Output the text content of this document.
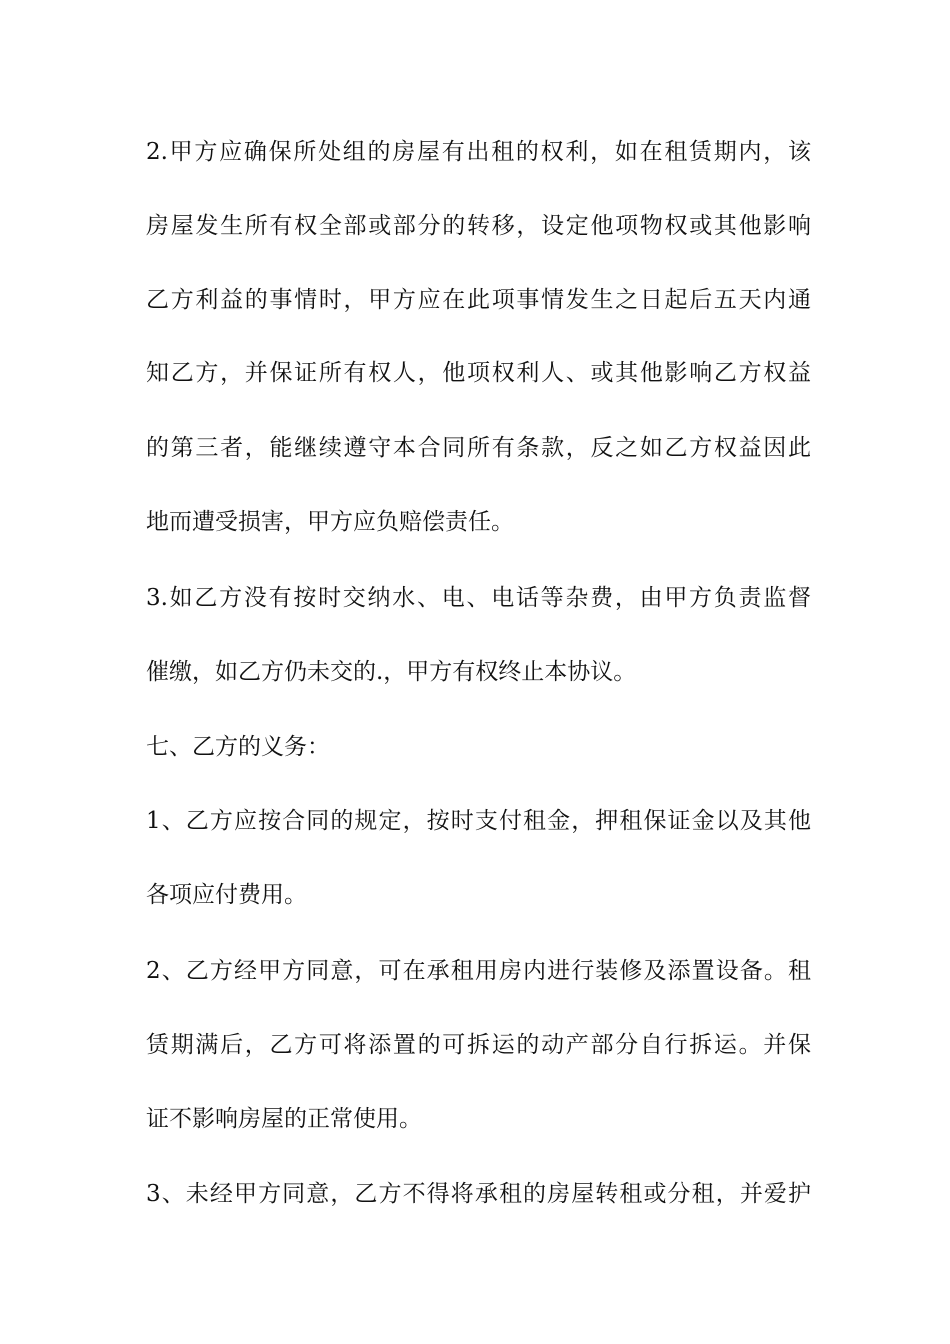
2.甲方应确保所处组的房屋有出租的权利，如在租赁期内，该
房屋发生所有权全部或部分的转移，设定他项物权或其他影响
乙方利益的事情时，甲方应在此项事情发生之日起后五天内通
知乙方，并保证所有权人，他项权利人、或其他影响乙方权益
的第三者，能继续遵守本合同所有条款，反之如乙方权益因此
地而遭受损害，甲方应负赔偿责任。
3.如乙方没有按时交纳水、电、电话等杂费，由甲方负责监督
催缴，如乙方仍未交的.，甲方有权终止本协议。
七、乙方的义务：
1、乙方应按合同的规定，按时支付租金，押租保证金以及其他
各项应付费用。
2、乙方经甲方同意，可在承租用房内进行装修及添置设备。租
赁期满后，乙方可将添置的可拆运的动产部分自行拆运。并保
证不影响房屋的正常使用。
3、未经甲方同意，乙方不得将承租的房屋转租或分租，并爱护
